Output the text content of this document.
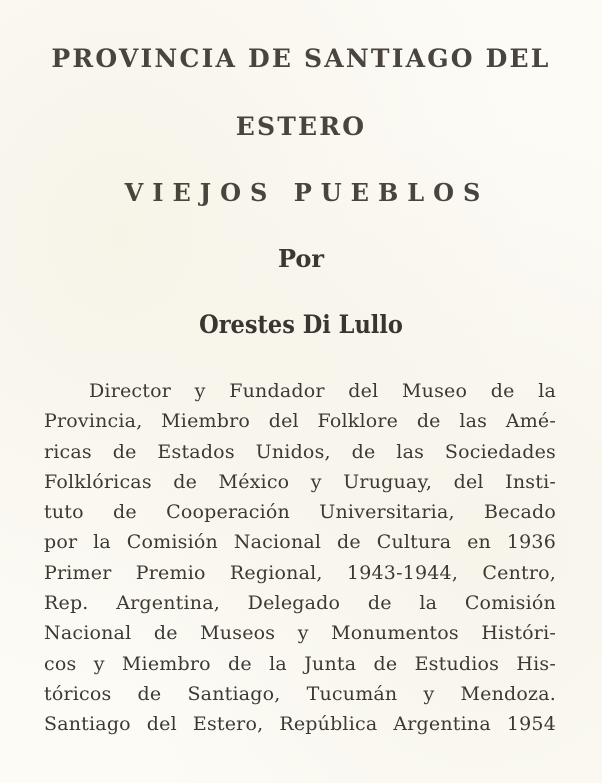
PROVINCIA DE SANTIAGO DEL
ESTERO
VIEJOS PUEBLOS
Por
Orestes Di Lullo
Director y Fundador del Museo de la
Provincia, Miembro del Folklore de las Amé-
ricas de Estados Unidos, de las Sociedades
Folklóricas de México y Uruguay, del Insti-
tuto de Cooperación Universitaria, Becado
por la Comisión Nacional de Cultura en 1936
Primer Premio Regional, 1943-1944, Centro,
Rep. Argentina, Delegado de la Comisión
Nacional de Museos y Monumentos Históri-
cos y Miembro de la Junta de Estudios His-
tóricos de Santiago, Tucumán y Mendoza.
Santiago del Estero, República Argentina 1954
